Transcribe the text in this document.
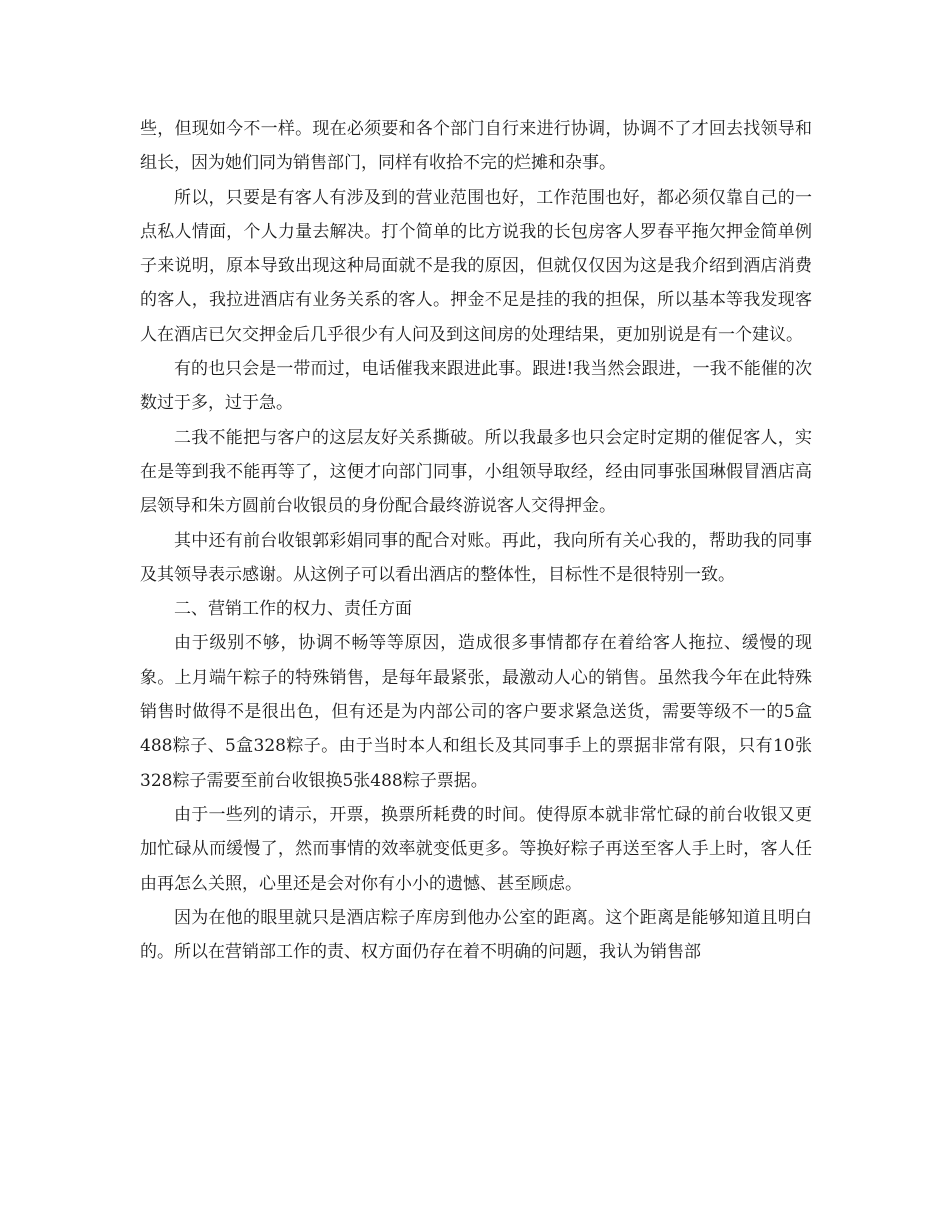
些，但现如今不一样。现在必须要和各个部门自行来进行协调，协调不了才回去找领导和组长，因为她们同为销售部门，同样有收拾不完的烂摊和杂事。

所以，只要是有客人有涉及到的营业范围也好，工作范围也好，都必须仅靠自己的一点私人情面，个人力量去解决。打个简单的比方说我的长包房客人罗春平拖欠押金简单例子来说明，原本导致出现这种局面就不是我的原因，但就仅仅因为这是我介绍到酒店消费的客人，我拉进酒店有业务关系的客人。押金不足是挂的我的担保，所以基本等我发现客人在酒店已欠交押金后几乎很少有人问及到这间房的处理结果，更加别说是有一个建议。

有的也只会是一带而过，电话催我来跟进此事。跟进!我当然会跟进，一我不能催的次数过于多，过于急。

二我不能把与客户的这层友好关系撕破。所以我最多也只会定时定期的催促客人，实在是等到我不能再等了，这便才向部门同事，小组领导取经，经由同事张国琳假冒酒店高层领导和朱方圆前台收银员的身份配合最终游说客人交得押金。

其中还有前台收银郭彩娟同事的配合对账。再此，我向所有关心我的，帮助我的同事及其领导表示感谢。从这例子可以看出酒店的整体性，目标性不是很特别一致。

二、营销工作的权力、责任方面

由于级别不够，协调不畅等等原因，造成很多事情都存在着给客人拖拉、缓慢的现象。上月端午粽子的特殊销售，是每年最紧张，最激动人心的销售。虽然我今年在此特殊销售时做得不是很出色，但有还是为内部公司的客户要求紧急送货，需要等级不一的5盒488粽子、5盒328粽子。由于当时本人和组长及其同事手上的票据非常有限，只有10张328粽子需要至前台收银换5张488粽子票据。

由于一些列的请示，开票，换票所耗费的时间。使得原本就非常忙碌的前台收银又更加忙碌从而缓慢了，然而事情的效率就变低更多。等换好粽子再送至客人手上时，客人任由再怎么关照，心里还是会对你有小小的遗憾、甚至顾虑。

因为在他的眼里就只是酒店粽子库房到他办公室的距离。这个距离是能够知道且明白的。所以在营销部工作的责、权方面仍存在着不明确的问题，我认为销售部
